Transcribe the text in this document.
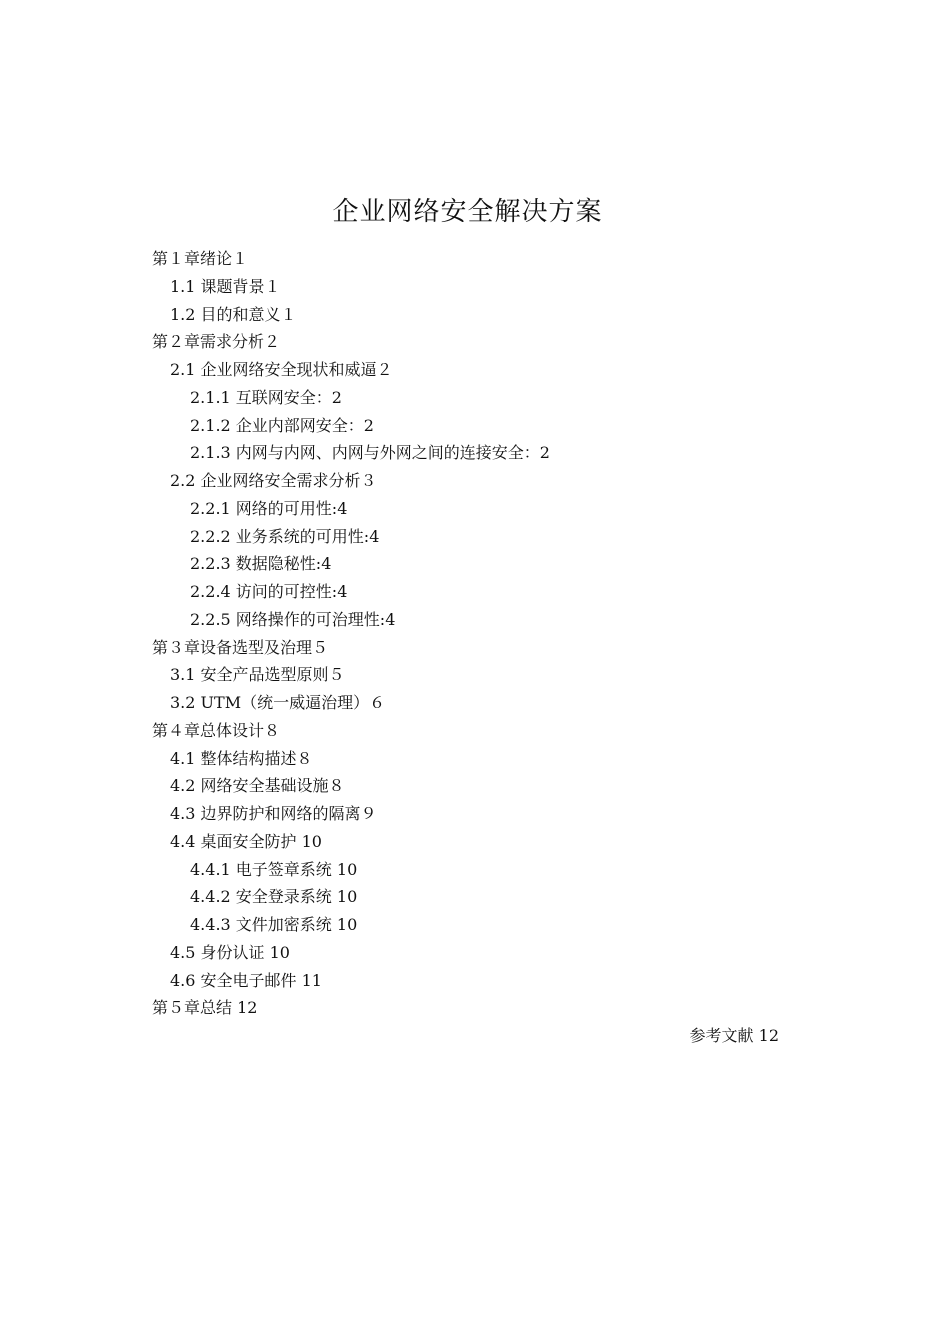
企业网络安全解决方案
第１章绪论１
1.1 课题背景１
1.2 目的和意义１
第２章需求分析２
2.1 企业网络安全现状和威逼２
2.1.1 互联网安全：2
2.1.2 企业内部网安全：2
2.1.3 内网与内网、内网与外网之间的连接安全：2
2.2 企业网络安全需求分析３
2.2.1 网络的可用性:4
2.2.2 业务系统的可用性:4
2.2.3 数据隐秘性:4
2.2.4 访问的可控性:4
2.2.5 网络操作的可治理性:4
第３章设备选型及治理５
3.1 安全产品选型原则５
3.2 UTM（统一威逼治理）６
第４章总体设计８
4.1 整体结构描述８
4.2 网络安全基础设施８
4.3 边界防护和网络的隔离９
4.4 桌面安全防护 10
4.4.1 电子签章系统 10
4.4.2 安全登录系统 10
4.4.3 文件加密系统 10
4.5 身份认证 10
4.6 安全电子邮件 11
第５章总结 12
参考文献 12
